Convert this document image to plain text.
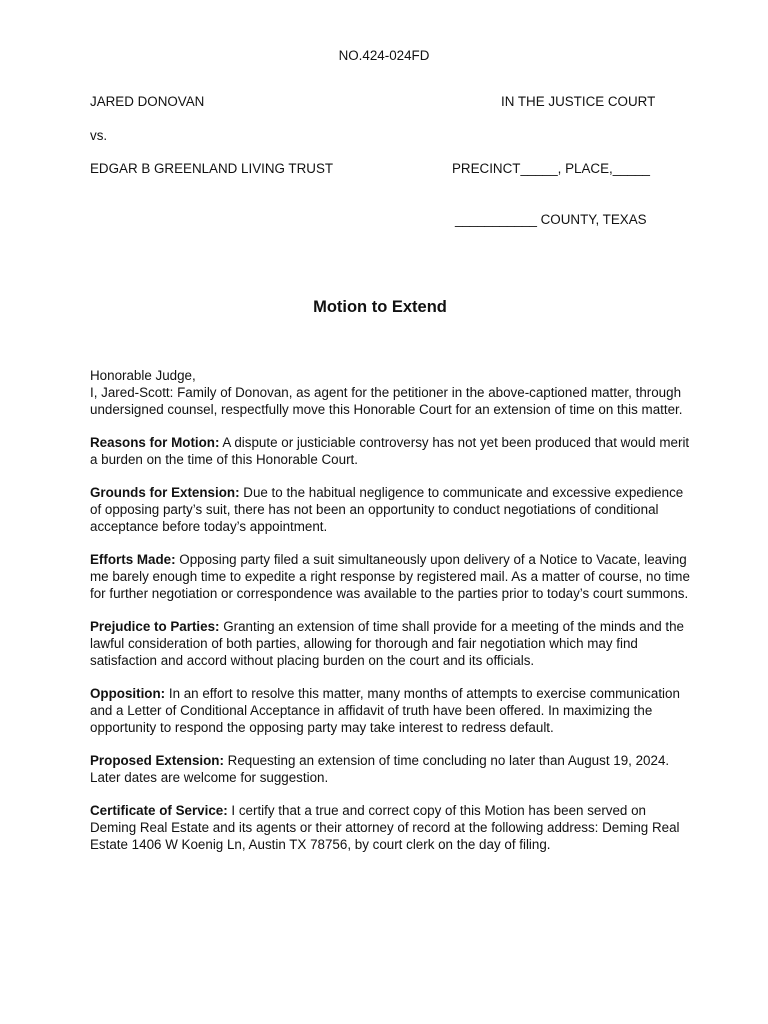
NO.424-024FD
JARED DONOVAN	IN THE JUSTICE COURT
vs.
EDGAR B GREENLAND LIVING TRUST	PRECINCT_____, PLACE,_____
___________ COUNTY, TEXAS
Motion to Extend

Honorable Judge,
I, Jared-Scott: Family of Donovan, as agent for the petitioner in the above-captioned matter, through undersigned counsel, respectfully move this Honorable Court for an extension of time on this matter.

Reasons for Motion: A dispute or justiciable controversy has not yet been produced that would merit a burden on the time of this Honorable Court.

Grounds for Extension: Due to the habitual negligence to communicate and excessive expedience of opposing party’s suit, there has not been an opportunity to conduct negotiations of conditional acceptance before today’s appointment.

Efforts Made: Opposing party filed a suit simultaneously upon delivery of a Notice to Vacate, leaving me barely enough time to expedite a right response by registered mail. As a matter of course, no time for further negotiation or correspondence was available to the parties prior to today’s court summons.

Prejudice to Parties: Granting an extension of time shall provide for a meeting of the minds and the lawful consideration of both parties, allowing for thorough and fair negotiation which may find satisfaction and accord without placing burden on the court and its officials.

Opposition: In an effort to resolve this matter, many months of attempts to exercise communication and a Letter of Conditional Acceptance in affidavit of truth have been offered. In maximizing the opportunity to respond the opposing party may take interest to redress default.

Proposed Extension: Requesting an extension of time concluding no later than August 19, 2024. Later dates are welcome for suggestion.

Certificate of Service: I certify that a true and correct copy of this Motion has been served on Deming Real Estate and its agents or their attorney of record at the following address: Deming Real Estate 1406 W Koenig Ln, Austin TX 78756, by court clerk on the day of filing.
